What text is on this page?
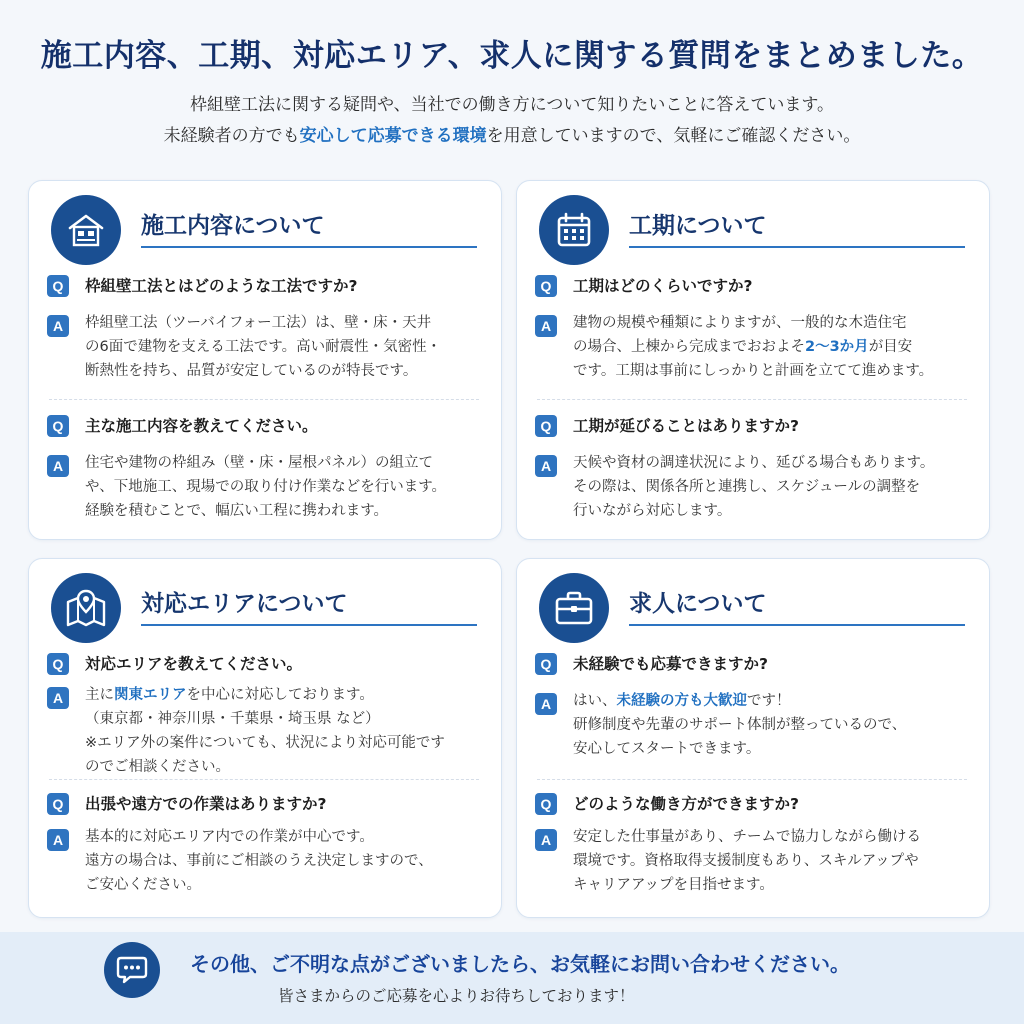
施工内容、工期、対応エリア、求人に関する質問をまとめました。

枠組壁工法に関する疑問や、当社での働き方について知りたいことに答えています。

未経験者の方でも安心して応募できる環境を用意していますので、気軽にご確認ください。

施工内容について
Q	枠組壁工法とはどのような工法ですか?
A	枠組壁工法（ツーバイフォー工法）は、壁・床・天井
の6面で建物を支える工法です。高い耐震性・気密性・
断熱性を持ち、品質が安定しているのが特長です。
Q	主な施工内容を教えてください。
A	住宅や建物の枠組み（壁・床・屋根パネル）の組立て
や、下地施工、現場での取り付け作業などを行います。
経験を積むことで、幅広い工程に携われます。
工期について
Q	工期はどのくらいですか?
A	建物の規模や種類によりますが、一般的な木造住宅
の場合、上棟から完成までおおよそ2〜3か月が目安
です。工期は事前にしっかりと計画を立てて進めます。
Q	工期が延びることはありますか?
A	天候や資材の調達状況により、延びる場合もあります。
その際は、関係各所と連携し、スケジュールの調整を
行いながら対応します。
対応エリアについて
Q	対応エリアを教えてください。
A	主に関東エリアを中心に対応しております。
（東京都・神奈川県・千葉県・埼玉県 など）
※エリア外の案件についても、状況により対応可能です
のでご相談ください。
Q	出張や遠方での作業はありますか?
A	基本的に対応エリア内での作業が中心です。
遠方の場合は、事前にご相談のうえ決定しますので、
ご安心ください。
求人について
Q	未経験でも応募できますか?
A	はい、未経験の方も大歓迎です！
研修制度や先輩のサポート体制が整っているので、
安心してスタートできます。
Q	どのような働き方ができますか?
A	安定した仕事量があり、チームで協力しながら働ける
環境です。資格取得支援制度もあり、スキルアップや
キャリアアップを目指せます。
その他、ご不明な点がございましたら、お気軽にお問い合わせください。
皆さまからのご応募を心よりお待ちしております！
